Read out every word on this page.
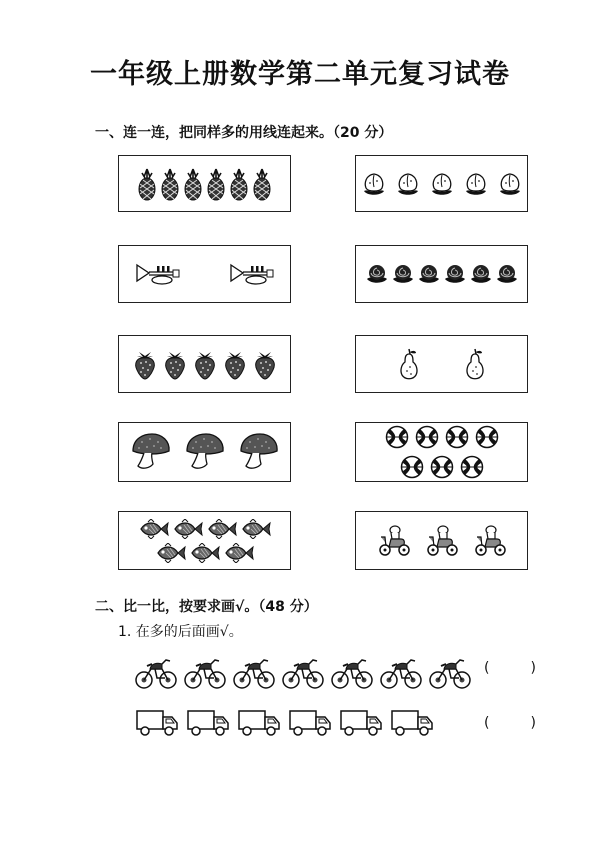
一年级上册数学第二单元复习试卷
一、连一连，把同样多的用线连起来。（20 分）
二、比一比，按要求画√。（48 分）
1. 在多的后面画√。
(	)
(	)
